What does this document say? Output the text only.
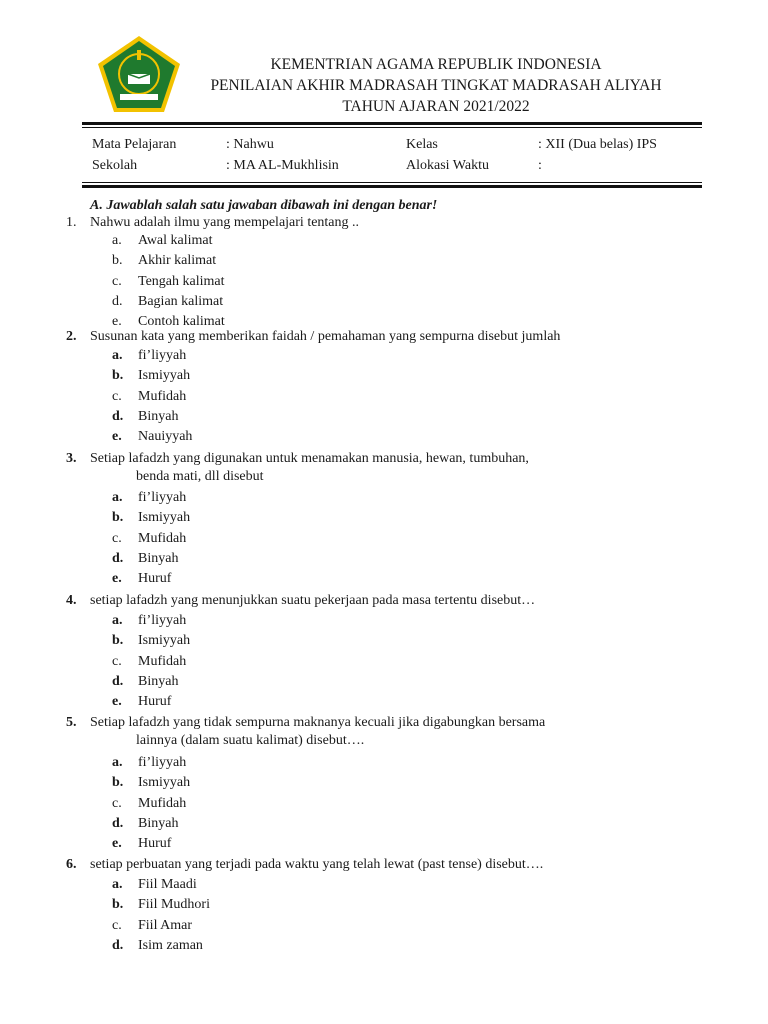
KEMENTRIAN AGAMA REPUBLIK INDONESIA
PENILAIAN AKHIR MADRASAH TINGKAT MADRASAH ALIYAH
TAHUN AJARAN 2021/2022
Mata Pelajaran	: Nahwu	Kelas	: XII (Dua belas) IPS
Sekolah	: MA AL-Mukhlisin	Alokasi Waktu	:
A. Jawablah salah satu jawaban dibawah ini dengan benar!
1. Nahwu adalah ilmu yang mempelajari tentang ..
a. Awal kalimat
b. Akhir kalimat
c. Tengah kalimat
d. Bagian kalimat
e. Contoh kalimat
2. Susunan kata yang memberikan faidah / pemahaman yang sempurna disebut jumlah
a. fi’liyyah
b. Ismiyyah
c. Mufidah
d. Binyah
e. Nauiyyah
3. Setiap lafadzh yang digunakan untuk menamakan manusia, hewan, tumbuhan,
benda mati, dll disebut
a. fi’liyyah
b. Ismiyyah
c. Mufidah
d. Binyah
e. Huruf
4. setiap lafadzh yang menunjukkan suatu pekerjaan pada masa tertentu disebut…
a. fi’liyyah
b. Ismiyyah
c. Mufidah
d. Binyah
e. Huruf
5. Setiap lafadzh yang tidak sempurna maknanya kecuali jika digabungkan bersama
lainnya (dalam suatu kalimat) disebut….
a. fi’liyyah
b. Ismiyyah
c. Mufidah
d. Binyah
e. Huruf
6. setiap perbuatan yang terjadi pada waktu yang telah lewat (past tense) disebut….
a. Fiil Maadi
b. Fiil Mudhori
c. Fiil Amar
d. Isim zaman
